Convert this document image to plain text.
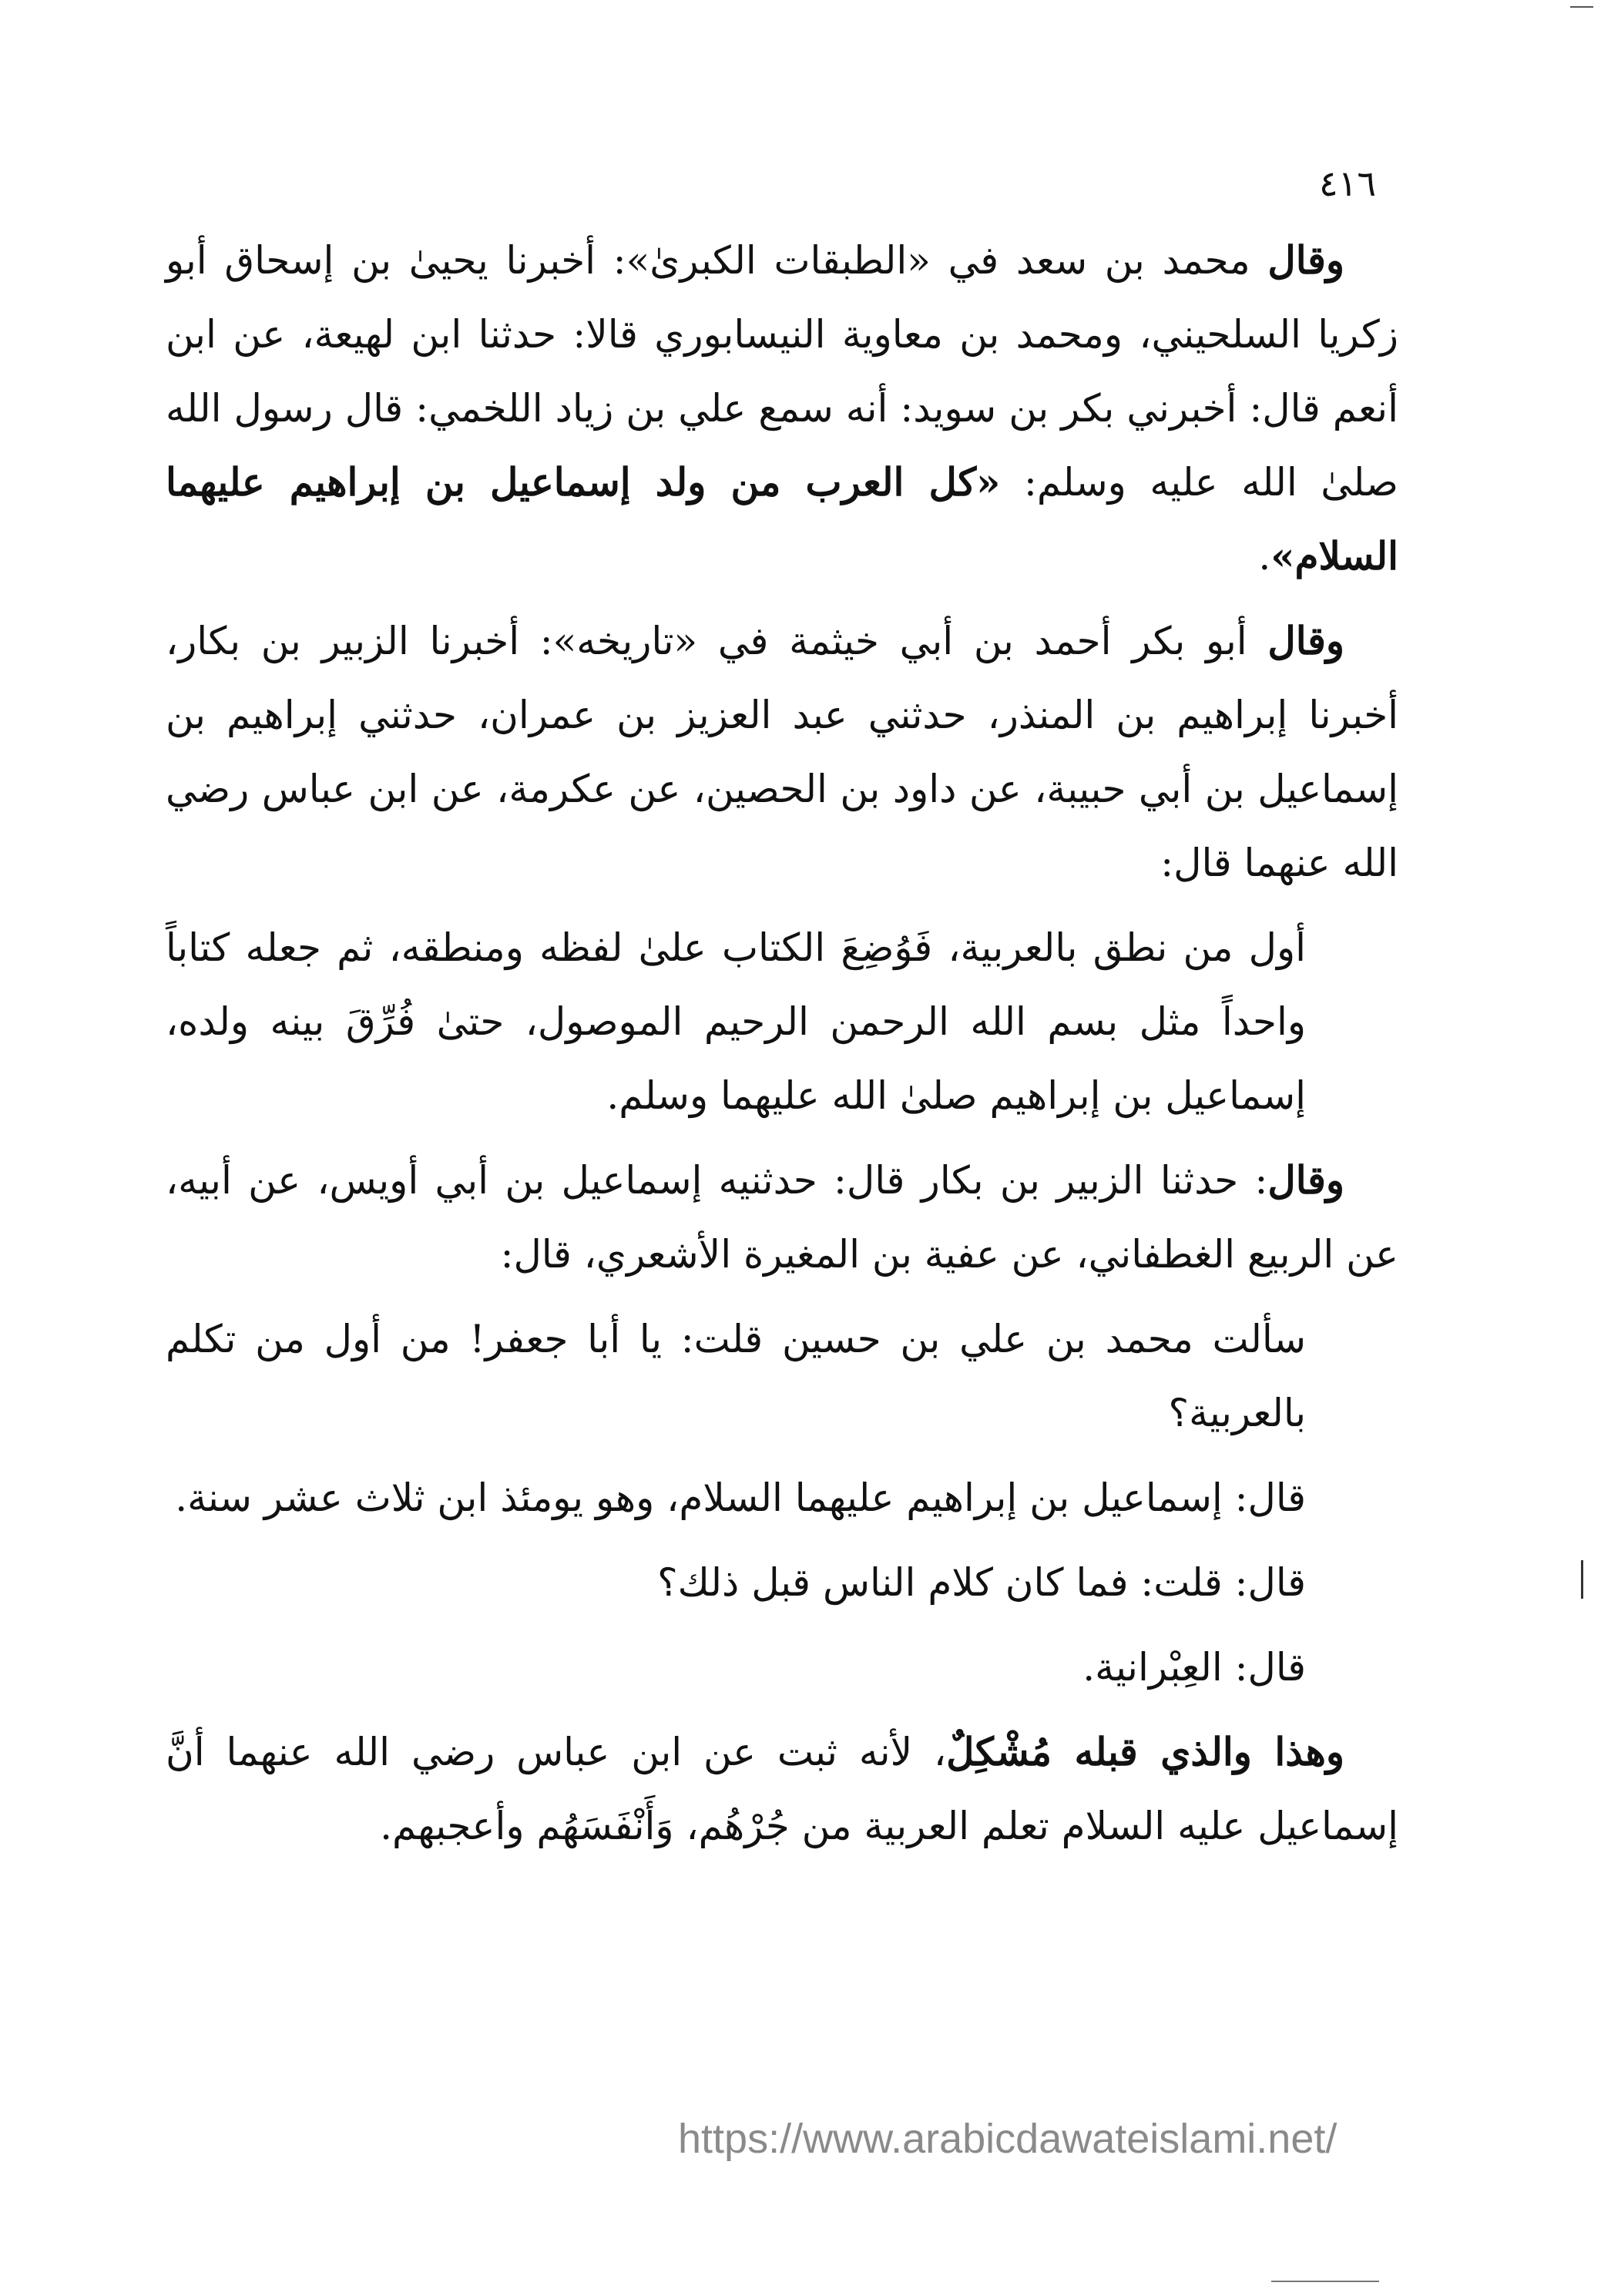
٤١٦

وقال محمد بن سعد في «الطبقات الكبرىٰ»: أخبرنا يحيىٰ بن إسحاق أبو زكريا السلحيني، ومحمد بن معاوية النيسابوري قالا: حدثنا ابن لهيعة، عن ابن أنعم قال: أخبرني بكر بن سويد: أنه سمع علي بن زياد اللخمي: قال رسول الله صلىٰ الله عليه وسلم: «كل العرب من ولد إسماعيل بن إبراهيم عليهما السلام».

وقال أبو بكر أحمد بن أبي خيثمة في «تاريخه»: أخبرنا الزبير بن بكار، أخبرنا إبراهيم بن المنذر، حدثني عبد العزيز بن عمران، حدثني إبراهيم بن إسماعيل بن أبي حبيبة، عن داود بن الحصين، عن عكرمة، عن ابن عباس رضي الله عنهما قال:

أول من نطق بالعربية، فَوُضِعَ الكتاب علىٰ لفظه ومنطقه، ثم جعله كتاباً واحداً مثل بسم الله الرحمن الرحيم الموصول، حتىٰ فُرِّقَ بينه ولده، إسماعيل بن إبراهيم صلىٰ الله عليهما وسلم.

وقال: حدثنا الزبير بن بكار قال: حدثنيه إسماعيل بن أبي أويس، عن أبيه، عن الربيع الغطفاني، عن عفية بن المغيرة الأشعري، قال:

سألت محمد بن علي بن حسين قلت: يا أبا جعفر! من أول من تكلم بالعربية؟

قال: إسماعيل بن إبراهيم عليهما السلام، وهو يومئذ ابن ثلاث عشر سنة.

قال: قلت: فما كان كلام الناس قبل ذلك؟

قال: العِبْرانية.

وهذا والذي قبله مُشْكِلٌ، لأنه ثبت عن ابن عباس رضي الله عنهما أنَّ إسماعيل عليه السلام تعلم العربية من جُرْهُم، وَأَنْفَسَهُم وأعجبهم.

https://www.arabicdawateislami.net/
